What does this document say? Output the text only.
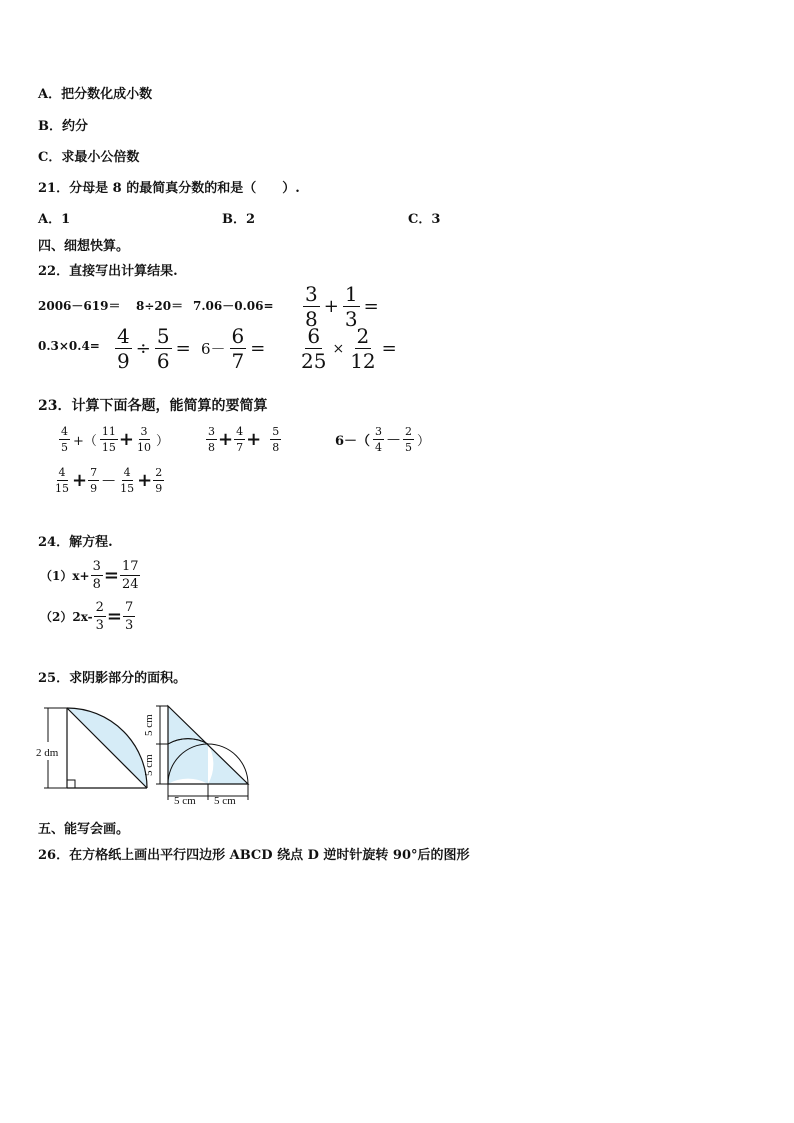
A．把分数化成小数
B．约分
C．求最小公倍数
21．分母是 8 的最简真分数的和是（　　）.
A．1	B．2	C．3
四、细想快算。
22．直接写出计算结果.
$2006-619= 8\div 20= 7.06-0.06= \frac{3}{8} + \frac{1}{3}$ =
$0.3\times 0.4= \frac{4}{9} \div \frac{5}{6} = 6- \frac{6}{7} = \frac{6}{25} \times \frac{2}{12}$ =
23．计算下面各题，能简算的要简算
$\frac{4}{5}$ +（ $\frac{11}{15} + \frac{3}{10}$ ）	$\frac{3}{8} + \frac{4}{7} + \frac{5}{8}$	$6-( \frac{3}{4}$ — $\frac{2}{5}$ ）
$\frac{4}{15} + \frac{7}{9}$ — $\frac{4}{15} + \frac{2}{9}$
24．解方程.
$(1)x+ \frac{3}{8} = \frac{17}{24}$
$(2)2x- \frac{2}{3} = \frac{7}{3}$
25．求阴影部分的面积。
2 dm
5 cm
5 cm
5 cm 5 cm
五、能写会画。
26．在方格纸上画出平行四边形 ABCD 绕点 D 逆时针旋转 90°后的图形
